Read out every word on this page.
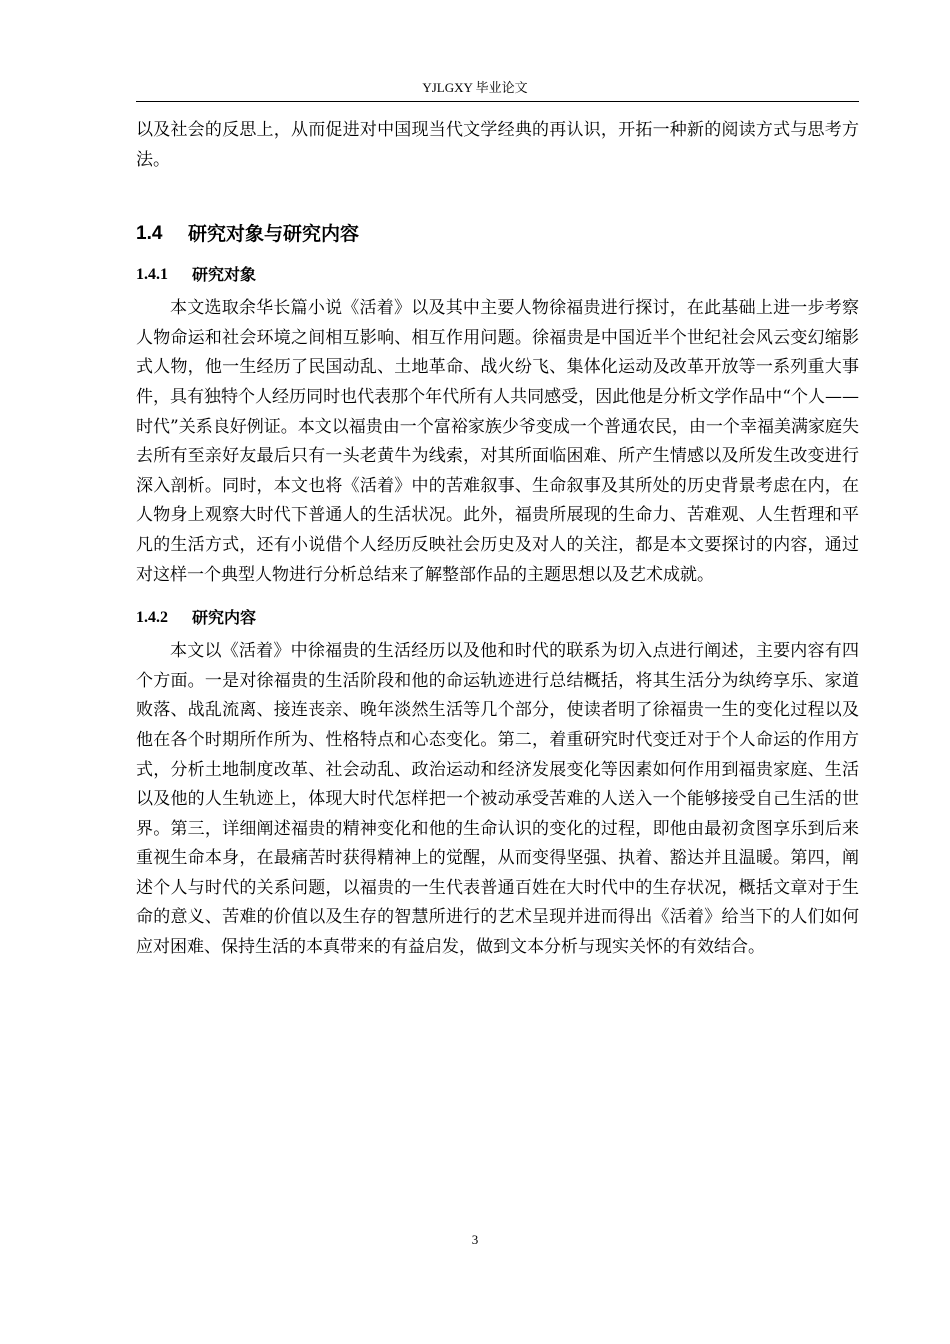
YJLGXY 毕业论文

以及社会的反思上，从而促进对中国现当代文学经典的再认识，开拓一种新的阅读方式与思考方法。

1.4	研究对象与研究内容
1.4.1	研究对象

本文选取余华长篇小说《活着》以及其中主要人物徐福贵进行探讨，在此基础上进一步考察人物命运和社会环境之间相互影响、相互作用问题。徐福贵是中国近半个世纪社会风云变幻缩影式人物，他一生经历了民国动乱、土地革命、战火纷飞、集体化运动及改革开放等一系列重大事件，具有独特个人经历同时也代表那个年代所有人共同感受，因此他是分析文学作品中“个人——时代”关系良好例证。本文以福贵由一个富裕家族少爷变成一个普通农民，由一个幸福美满家庭失去所有至亲好友最后只有一头老黄牛为线索，对其所面临困难、所产生情感以及所发生改变进行深入剖析。同时，本文也将《活着》中的苦难叙事、生命叙事及其所处的历史背景考虑在内，在人物身上观察大时代下普通人的生活状况。此外，福贵所展现的生命力、苦难观、人生哲理和平凡的生活方式，还有小说借个人经历反映社会历史及对人的关注，都是本文要探讨的内容，通过对这样一个典型人物进行分析总结来了解整部作品的主题思想以及艺术成就。

1.4.2	研究内容

本文以《活着》中徐福贵的生活经历以及他和时代的联系为切入点进行阐述，主要内容有四个方面。一是对徐福贵的生活阶段和他的命运轨迹进行总结概括，将其生活分为纨绔享乐、家道败落、战乱流离、接连丧亲、晚年淡然生活等几个部分，使读者明了徐福贵一生的变化过程以及他在各个时期所作所为、性格特点和心态变化。第二，着重研究时代变迁对于个人命运的作用方式，分析土地制度改革、社会动乱、政治运动和经济发展变化等因素如何作用到福贵家庭、生活以及他的人生轨迹上，体现大时代怎样把一个被动承受苦难的人送入一个能够接受自己生活的世界。第三，详细阐述福贵的精神变化和他的生命认识的变化的过程，即他由最初贪图享乐到后来重视生命本身，在最痛苦时获得精神上的觉醒，从而变得坚强、执着、豁达并且温暖。第四，阐述个人与时代的关系问题，以福贵的一生代表普通百姓在大时代中的生存状况，概括文章对于生命的意义、苦难的价值以及生存的智慧所进行的艺术呈现并进而得出《活着》给当下的人们如何应对困难、保持生活的本真带来的有益启发，做到文本分析与现实关怀的有效结合。

3
